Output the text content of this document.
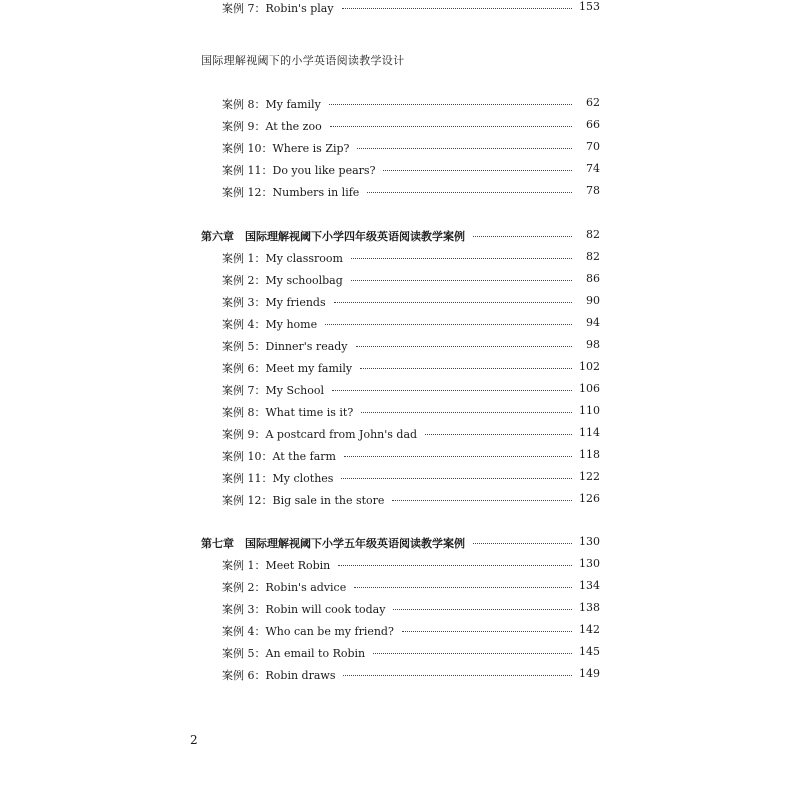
国际理解视阈下的小学英语阅读教学设计
案例 8：My family	62
案例 9：At the zoo	66
案例 10：Where is Zip?	70
案例 11：Do you like pears?	74
案例 12：Numbers in life	78
第六章　国际理解视阈下小学四年级英语阅读教学案例	82
案例 1：My classroom	82
案例 2：My schoolbag	86
案例 3：My friends	90
案例 4：My home	94
案例 5：Dinner's ready	98
案例 6：Meet my family	102
案例 7：My School	106
案例 8：What time is it?	110
案例 9：A postcard from John's dad	114
案例 10：At the farm	118
案例 11：My clothes	122
案例 12：Big sale in the store	126
第七章　国际理解视阈下小学五年级英语阅读教学案例	130
案例 1：Meet Robin	130
案例 2：Robin's advice	134
案例 3：Robin will cook today	138
案例 4：Who can be my friend?	142
案例 5：An email to Robin	145
案例 6：Robin draws	149
案例 7：Robin's play	153
2
